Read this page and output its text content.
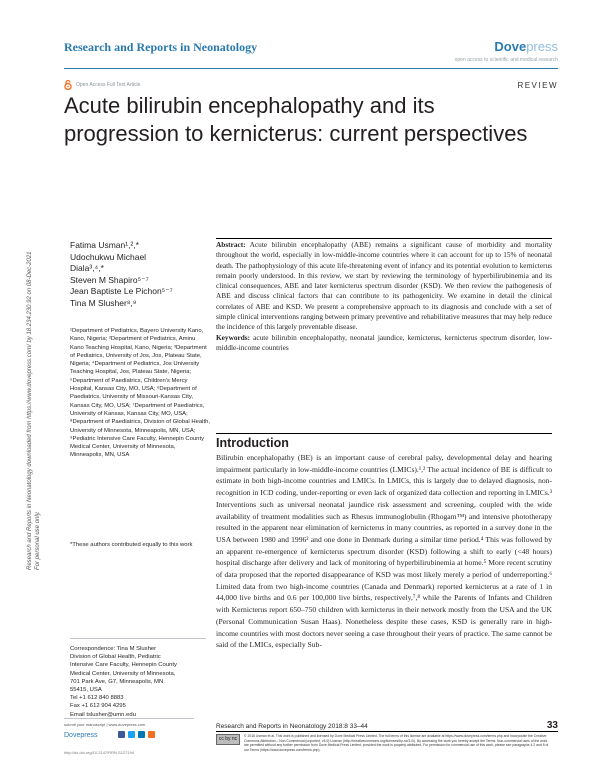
Research and Reports in Neonatology	Dovepress
open access to scientific and medical research
Open Access Full Text Article	REVIEW
Acute bilirubin encephalopathy and its progression to kernicterus: current perspectives
Research and Reports in Neonatology downloaded from https://www.dovepress.com/ by 18.234.230.92 on 08-Dec-2021 For personal use only.
Fatima Usman¹,²,*
Udochukwu Michael
Diala³,⁴,*
Steven M Shapiro⁵⁻⁷
Jean Baptiste Le Pichon⁵⁻⁷
Tina M Slusher⁸,⁹
¹Department of Pediatrics, Bayero University Kano, Kano, Nigeria; ²Department of Pediatrics, Aminu Kano Teaching Hospital, Kano, Nigeria; ³Department of Pediatrics, University of Jos, Jos, Plateau State, Nigeria; ⁴Department of Pediatrics, Jos University Teaching Hospital, Jos, Plateau State, Nigeria; ⁵Department of Paediatrics, Children's Mercy Hospital, Kansas City, MO, USA; ⁶Department of Paediatrics, University of Missouri-Kansas City, Kansas City, MO, USA; ⁷Department of Paediatrics, University of Kansas, Kansas City, MO, USA; ⁸Department of Paediatrics, Division of Global Health, University of Minnesota, Minneapolis, MN, USA; ⁹Pediatric Intensive Care Faculty, Hennepin County Medical Center, University of Minnesota, Minneapolis, MN, USA
*These authors contributed equally to this work
Correspondence: Tina M Slusher
Division of Global Health, Pediatric
Intensive Care Faculty, Hennepin County
Medical Center, University of Minnesota,
701 Park Ave, G7, Minneapolis, MN
55415, USA
Tel +1 612 840 8883
Fax +1 612 904 4295
Email tslusher@umn.edu
Abstract: Acute bilirubin encephalopathy (ABE) remains a significant cause of morbidity and mortality throughout the world, especially in low-middle-income countries where it can account for up to 15% of neonatal death. The pathophysiology of this acute life-threatening event of infancy and its potential evolution to kernicterus remain poorly understood. In this review, we start by reviewing the terminology of hyperbilirubinemia and its clinical consequences, ABE and later kernicterus spectrum disorder (KSD). We then review the pathogenesis of ABE and discuss clinical factors that can contribute to its pathogenicity. We examine in detail the clinical correlates of ABE and KSD. We present a comprehensive approach to its diagnosis and conclude with a set of simple clinical interventions ranging between primary preventive and rehabilitative measures that may help reduce the incidence of this largely preventable disease.
Keywords: acute bilirubin encephalopathy, neonatal jaundice, kernicterus, kernicterus spectrum disorder, low-middle-income countries
Introduction
Bilirubin encephalopathy (BE) is an important cause of cerebral palsy, developmental delay and hearing impairment particularly in low-middle-income countries (LMICs).¹,² The actual incidence of BE is difficult to estimate in both high-income countries and LMICs. In LMICs, this is largely due to delayed diagnosis, non-recognition in ICD coding, under-reporting or even lack of organized data collection and reporting in LMICs.³ Interventions such as universal neonatal jaundice risk assessment and screening, coupled with the wide availability of treatment modalities such as Rhesus immunoglobulin (Rhogam™) and intensive phototherapy resulted in the apparent near elimination of kernicterus in many countries, as reported in a survey done in the USA between 1980 and 1996² and one done in Denmark during a similar time period.⁴ This was followed by an apparent re-emergence of kernicterus spectrum disorder (KSD) following a shift to early (<48 hours) hospital discharge after delivery and lack of monitoring of hyperbilirubinemia at home.⁵ More recent scrutiny of data proposed that the reported disappearance of KSD was most likely merely a period of underreporting.⁶ Limited data from two high-income countries (Canada and Denmark) reported kernicterus at a rate of 1 in 44,000 live births and 0.6 per 100,000 live births, respectively,⁷,⁸ while the Parents of Infants and Children with Kernicterus report 650–750 children with kernicterus in their network mostly from the USA and the UK (Personal Communication Susan Haas). Nonetheless despite these cases, KSD is generally rare in high-income countries with most doctors never seeing a case throughout their years of practice. The same cannot be said of the LMICs, especially Sub-
submit your manuscript | www.dovepress.com
Dovepress
http://dx.doi.org/10.2147/RRN.S127194
Research and Reports in Neonatology 2018:8 33–44	33
cc by nc	© 2018 Usman et al. This work is published and licensed by Dove Medical Press Limited. The full terms of this license are available at https://www.dovepress.com/terms.php and incorporate the Creative Commons Attribution – Non Commercial (unported, v3.0) License (http://creativecommons.org/licenses/by-nc/3.0/). By accessing the work you hereby accept the Terms. Non-commercial uses of the work are permitted without any further permission from Dove Medical Press Limited, provided the work is properly attributed. For permission for commercial use of this work, please see paragraphs 4.2 and 5 of our Terms (https://www.dovepress.com/terms.php).
